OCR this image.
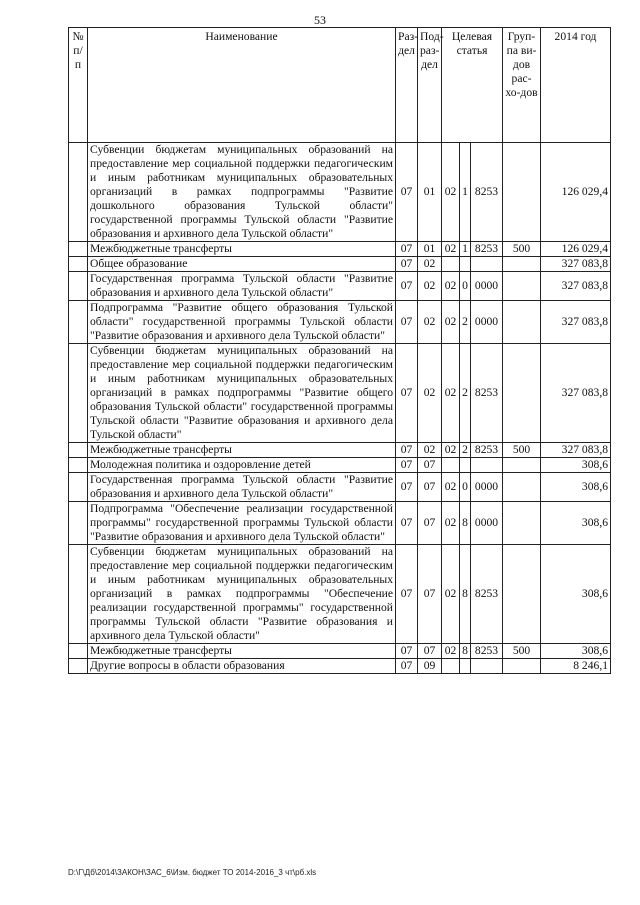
53
№ п/ п	Наименование	Раз-дел	Под-раз-дел	Целевая статья			Груп-па ви-дов рас-хо-дов	2014 год
	Субвенции бюджетам муниципальных образований на предоставление мер социальной поддержки педагогическим и иным работникам муниципальных образовательных организаций в рамках подпрограммы "Развитие дошкольного образования Тульской области" государственной программы Тульской области "Развитие образования и архивного дела Тульской области"	07	01	02	1	8253		126 029,4
	Межбюджетные трансферты	07	01	02	1	8253	500	126 029,4
	Общее образование	07	02					327 083,8
	Государственная программа Тульской области "Развитие образования и архивного дела Тульской области"	07	02	02	0	0000		327 083,8
	Подпрограмма "Развитие общего образования Тульской области" государственной программы Тульской области "Развитие образования и архивного дела Тульской области"	07	02	02	2	0000		327 083,8
	Субвенции бюджетам муниципальных образований на предоставление мер социальной поддержки педагогическим и иным работникам муниципальных образовательных организаций в рамках подпрограммы "Развитие общего образования Тульской области" государственной программы Тульской области "Развитие образования и архивного дела Тульской области"	07	02	02	2	8253		327 083,8
	Межбюджетные трансферты	07	02	02	2	8253	500	327 083,8
	Молодежная политика и оздоровление детей	07	07					308,6
	Государственная программа Тульской области "Развитие образования и архивного дела Тульской области"	07	07	02	0	0000		308,6
	Подпрограмма "Обеспечение реализации государственной программы" государственной программы Тульской области "Развитие образования и архивного дела Тульской области"	07	07	02	8	0000		308,6
	Субвенции бюджетам муниципальных образований на предоставление мер социальной поддержки педагогическим и иным работникам муниципальных образовательных организаций в рамках подпрограммы "Обеспечение реализации государственной программы" государственной программы Тульской области "Развитие образования и архивного дела Тульской области"	07	07	02	8	8253		308,6
	Межбюджетные трансферты	07	07	02	8	8253	500	308,6
	Другие вопросы в области образования	07	09					8 246,1
D:\Г\Дб\2014\ЗАКОН\ЗАС_6\Изм. бюджет ТО 2014-2016_3 чт\рб.xls
